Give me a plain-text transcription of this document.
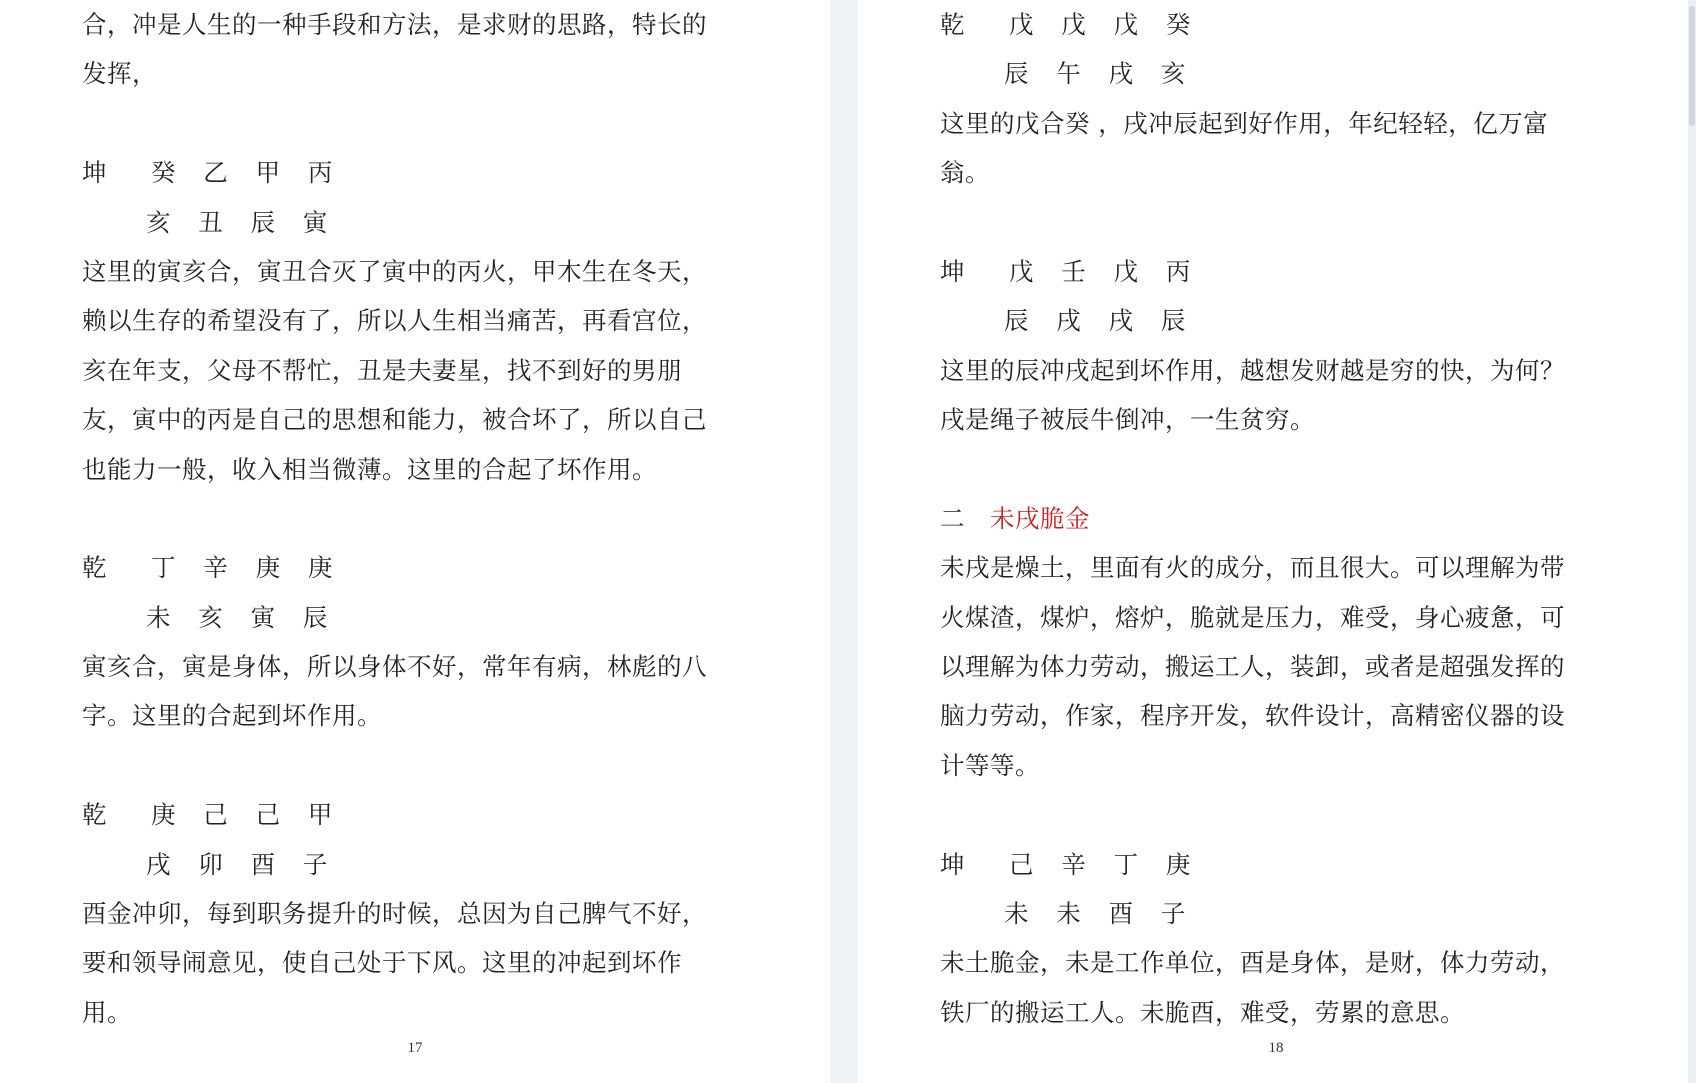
合，冲是人生的一种手段和方法，是求财的思路，特长的
发挥，
坤　癸 乙 甲 丙
亥 丑 辰 寅
这里的寅亥合，寅丑合灭了寅中的丙火，甲木生在冬天，
赖以生存的希望没有了，所以人生相当痛苦，再看宫位，
亥在年支，父母不帮忙，丑是夫妻星，找不到好的男朋
友，寅中的丙是自己的思想和能力，被合坏了，所以自己
也能力一般，收入相当微薄。这里的合起了坏作用。
乾　丁 辛 庚 庚
未 亥 寅 辰
寅亥合，寅是身体，所以身体不好，常年有病，林彪的八
字。这里的合起到坏作用。
乾　庚 己 己 甲
戌 卯 酉 子
酉金冲卯，每到职务提升的时候，总因为自己脾气不好，
要和领导闹意见，使自己处于下风。这里的冲起到坏作
用。
17
乾　戊 戊 戊 癸
辰 午 戌 亥
这里的戊合癸 ，戌冲辰起到好作用，年纪轻轻，亿万富
翁。
坤　戊 壬 戊 丙
辰 戌 戌 辰
这里的辰冲戌起到坏作用，越想发财越是穷的快，为何？
戌是绳子被辰牛倒冲，一生贫穷。
二　未戌脆金
未戌是燥土，里面有火的成分，而且很大。可以理解为带
火煤渣，煤炉，熔炉，脆就是压力，难受，身心疲惫，可
以理解为体力劳动，搬运工人，装卸，或者是超强发挥的
脑力劳动，作家，程序开发，软件设计，高精密仪器的设
计等等。
坤　己 辛 丁 庚
未 未 酉 子
未土脆金，未是工作单位，酉是身体，是财，体力劳动，
铁厂的搬运工人。未脆酉，难受，劳累的意思。
18
